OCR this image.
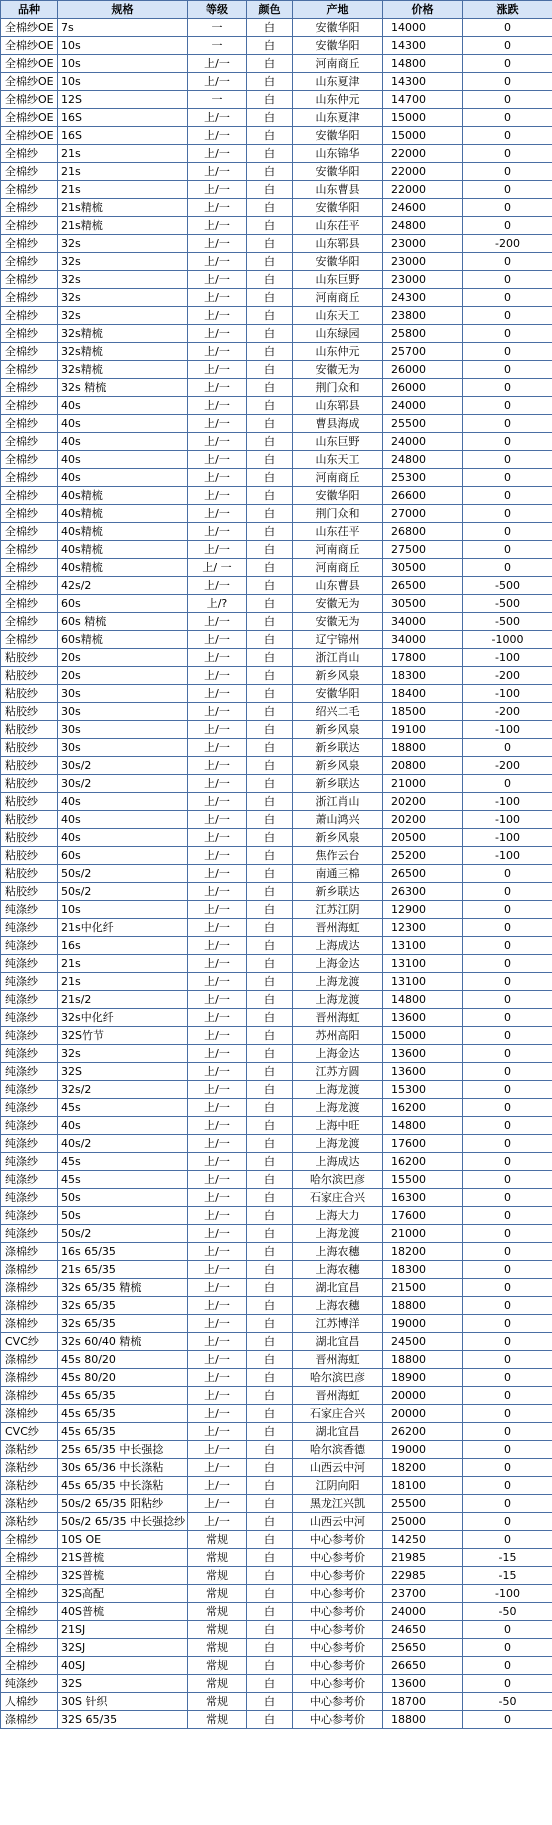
品种	规格	等级	颜色	产地	价格	涨跌
全棉纱OE	7s	一	白	安徽华阳	14000	0
全棉纱OE	10s	一	白	安徽华阳	14300	0
全棉纱OE	10s	上/一	白	河南商丘	14800	0
全棉纱OE	10s	上/一	白	山东夏津	14300	0
全棉纱OE	12S	一	白	山东仲元	14700	0
全棉纱OE	16S	上/一	白	山东夏津	15000	0
全棉纱OE	16S	上/一	白	安徽华阳	15000	0
全棉纱	21s	上/一	白	山东锦华	22000	0
全棉纱	21s	上/一	白	安徽华阳	22000	0
全棉纱	21s	上/一	白	山东曹县	22000	0
全棉纱	21s精梳	上/一	白	安徽华阳	24600	0
全棉纱	21s精梳	上/一	白	山东茌平	24800	0
全棉纱	32s	上/一	白	山东郓县	23000	-200
全棉纱	32s	上/一	白	安徽华阳	23000	0
全棉纱	32s	上/一	白	山东巨野	23000	0
全棉纱	32s	上/一	白	河南商丘	24300	0
全棉纱	32s	上/一	白	山东天工	23800	0
全棉纱	32s精梳	上/一	白	山东绿园	25800	0
全棉纱	32s精梳	上/一	白	山东仲元	25700	0
全棉纱	32s精梳	上/一	白	安徽无为	26000	0
全棉纱	32s 精梳	上/一	白	荆门众和	26000	0
全棉纱	40s	上/一	白	山东郓县	24000	0
全棉纱	40s	上/一	白	曹县海成	25500	0
全棉纱	40s	上/一	白	山东巨野	24000	0
全棉纱	40s	上/一	白	山东天工	24800	0
全棉纱	40s	上/一	白	河南商丘	25300	0
全棉纱	40s精梳	上/一	白	安徽华阳	26600	0
全棉纱	40s精梳	上/一	白	荆门众和	27000	0
全棉纱	40s精梳	上/一	白	山东茌平	26800	0
全棉纱	40s精梳	上/一	白	河南商丘	27500	0
全棉纱	40s精梳	上/ 一	白	河南商丘	30500	0
全棉纱	42s/2	上/一	白	山东曹县	26500	-500
全棉纱	60s	上/?	白	安徽无为	30500	-500
全棉纱	60s 精梳	上/一	白	安徽无为	34000	-500
全棉纱	60s精梳	上/一	白	辽宁锦州	34000	-1000
粘胶纱	20s	上/一	白	浙江肖山	17800	-100
粘胶纱	20s	上/一	白	新乡风泉	18300	-200
粘胶纱	30s	上/一	白	安徽华阳	18400	-100
粘胶纱	30s	上/一	白	绍兴二毛	18500	-200
粘胶纱	30s	上/一	白	新乡风泉	19100	-100
粘胶纱	30s	上/一	白	新乡联达	18800	0
粘胶纱	30s/2	上/一	白	新乡风泉	20800	-200
粘胶纱	30s/2	上/一	白	新乡联达	21000	0
粘胶纱	40s	上/一	白	浙江肖山	20200	-100
粘胶纱	40s	上/一	白	萧山鸿兴	20200	-100
粘胶纱	40s	上/一	白	新乡风泉	20500	-100
粘胶纱	60s	上/一	白	焦作云台	25200	-100
粘胶纱	50s/2	上/一	白	南通三棉	26500	0
粘胶纱	50s/2	上/一	白	新乡联达	26300	0
纯涤纱	10s	上/一	白	江苏江阴	12900	0
纯涤纱	21s中化纤	上/一	白	晋州海虹	12300	0
纯涤纱	16s	上/一	白	上海成达	13100	0
纯涤纱	21s	上/一	白	上海金达	13100	0
纯涤纱	21s	上/一	白	上海龙渡	13100	0
纯涤纱	21s/2	上/一	白	上海龙渡	14800	0
纯涤纱	32s中化纤	上/一	白	晋州海虹	13600	0
纯涤纱	32S竹节	上/一	白	苏州高阳	15000	0
纯涤纱	32s	上/一	白	上海金达	13600	0
纯涤纱	32S	上/一	白	江苏方圆	13600	0
纯涤纱	32s/2	上/一	白	上海龙渡	15300	0
纯涤纱	45s	上/一	白	上海龙渡	16200	0
纯涤纱	40s	上/一	白	上海中旺	14800	0
纯涤纱	40s/2	上/一	白	上海龙渡	17600	0
纯涤纱	45s	上/一	白	上海成达	16200	0
纯涤纱	45s	上/一	白	哈尔滨巴彦	15500	0
纯涤纱	50s	上/一	白	石家庄合兴	16300	0
纯涤纱	50s	上/一	白	上海大力	17600	0
纯涤纱	50s/2	上/一	白	上海龙渡	21000	0
涤棉纱	16s 65/35	上/一	白	上海农穗	18200	0
涤棉纱	21s 65/35	上/一	白	上海农穗	18300	0
涤棉纱	32s 65/35 精梳	上/一	白	湖北宜昌	21500	0
涤棉纱	32s 65/35	上/一	白	上海农穗	18800	0
涤棉纱	32s 65/35	上/一	白	江苏博洋	19000	0
CVC纱	32s 60/40 精梳	上/一	白	湖北宜昌	24500	0
涤棉纱	45s 80/20	上/一	白	晋州海虹	18800	0
涤棉纱	45s 80/20	上/一	白	哈尔滨巴彦	18900	0
涤棉纱	45s 65/35	上/一	白	晋州海虹	20000	0
涤棉纱	45s 65/35	上/一	白	石家庄合兴	20000	0
CVC纱	45s 65/35	上/一	白	湖北宜昌	26200	0
涤粘纱	25s 65/35 中长强捻	上/一	白	哈尔滨香德	19000	0
涤粘纱	30s 65/36 中长涤粘	上/一	白	山西云中河	18200	0
涤粘纱	45s 65/35 中长涤粘	上/一	白	江阴向阳	18100	0
涤粘纱	50s/2 65/35 阳粘纱	上/一	白	黑龙江兴凯	25500	0
涤粘纱	50s/2 65/35 中长强捻纱	上/一	白	山西云中河	25000	0
全棉纱	10S OE	常规	白	中心参考价	14250	0
全棉纱	21S普梳	常规	白	中心参考价	21985	-15
全棉纱	32S普梳	常规	白	中心参考价	22985	-15
全棉纱	32S高配	常规	白	中心参考价	23700	-100
全棉纱	40S普梳	常规	白	中心参考价	24000	-50
全棉纱	21SJ	常规	白	中心参考价	24650	0
全棉纱	32SJ	常规	白	中心参考价	25650	0
全棉纱	40SJ	常规	白	中心参考价	26650	0
纯涤纱	32S	常规	白	中心参考价	13600	0
人棉纱	30S 针织	常规	白	中心参考价	18700	-50
涤棉纱	32S 65/35	常规	白	中心参考价	18800	0
